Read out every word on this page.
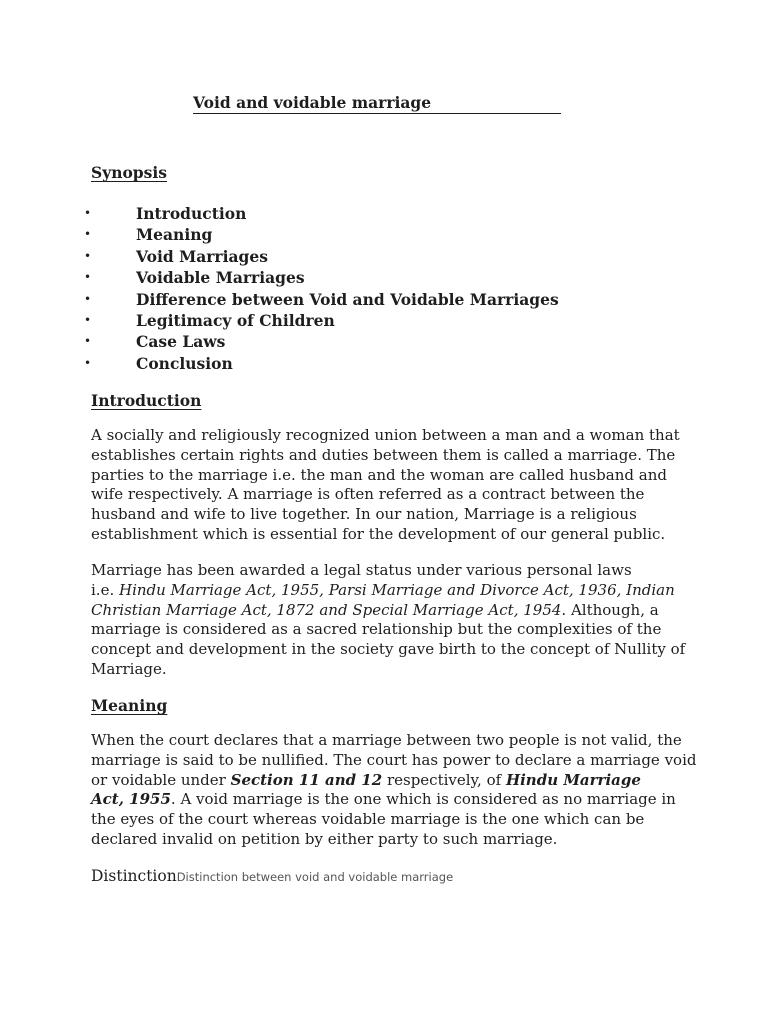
Void and voidable marriage
Synopsis
•	Introduction
•	Meaning
•	Void Marriages
•	Voidable Marriages
•	Difference between Void and Voidable Marriages
•	Legitimacy of Children
•	Case Laws
•	Conclusion
Introduction

A socially and religiously recognized union between a man and a woman that
establishes certain rights and duties between them is called a marriage. The
parties to the marriage i.e. the man and the woman are called husband and
wife respectively. A marriage is often referred as a contract between the
husband and wife to live together. In our nation, Marriage is a religious
establishment which is essential for the development of our general public.

Marriage has been awarded a legal status under various personal laws
i.e. Hindu Marriage Act, 1955, Parsi Marriage and Divorce Act, 1936, Indian
Christian Marriage Act, 1872 and Special Marriage Act, 1954. Although, a
marriage is considered as a sacred relationship but the complexities of the
concept and development in the society gave birth to the concept of Nullity of
Marriage.

Meaning

When the court declares that a marriage between two people is not valid, the
marriage is said to be nullified. The court has power to declare a marriage void
or voidable under Section 11 and 12 respectively, of Hindu Marriage
Act, 1955. A void marriage is the one which is considered as no marriage in
the eyes of the court whereas voidable marriage is the one which can be
declared invalid on petition by either party to such marriage.

DistinctionDistinction between void and voidable marriage
